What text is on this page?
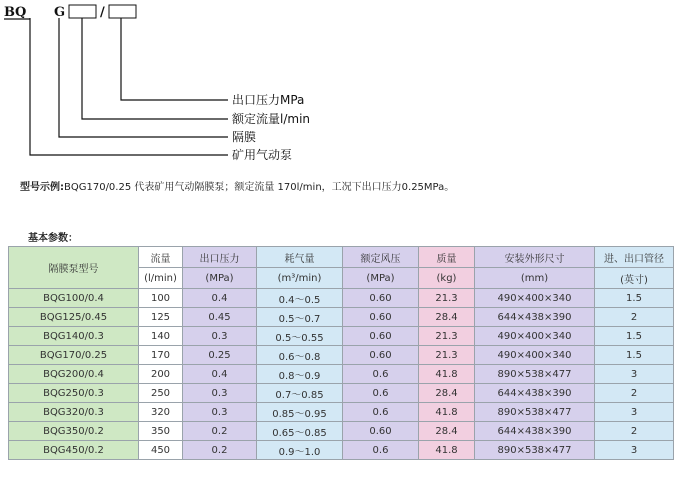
BQ G	/
出口压力MPa
额定流量l/min
隔膜
矿用气动泵
型号示例:BQG170/0.25 代表矿用气动隔膜泵；额定流量 170l/min，工况下出口压力0.25MPa。
基本参数：
隔膜泵型号	流量	出口压力	耗气量	额定风压	质量	安装外形尺寸	进、出口管径
	(l/min)	(MPa)	(m³/min)	(MPa)	(kg)	(mm)	(英寸)
BQG100/0.4	100	0.4	0.4～0.5	0.60	21.3	490×400×340	1.5
BQG125/0.45	125	0.45	0.5～0.7	0.60	28.4	644×438×390	2
BQG140/0.3	140	0.3	0.5～0.55	0.60	21.3	490×400×340	1.5
BQG170/0.25	170	0.25	0.6～0.8	0.60	21.3	490×400×340	1.5
BQG200/0.4	200	0.4	0.8～0.9	0.6	41.8	890×538×477	3
BQG250/0.3	250	0.3	0.7～0.85	0.6	28.4	644×438×390	2
BQG320/0.3	320	0.3	0.85～0.95	0.6	41.8	890×538×477	3
BQG350/0.2	350	0.2	0.65～0.85	0.60	28.4	644×438×390	2
BQG450/0.2	450	0.2	0.9～1.0	0.6	41.8	890×538×477	3
